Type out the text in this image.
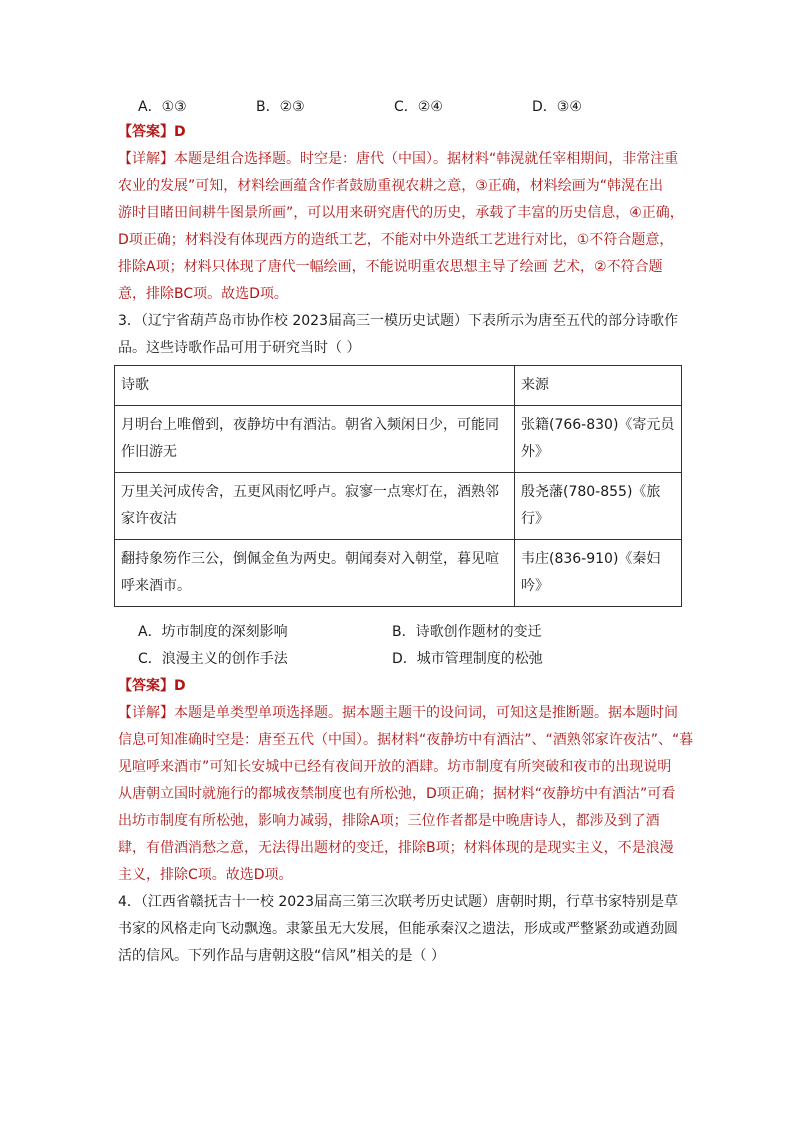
A．①③	B．②③	C．②④	D．③④
【答案】D
【详解】本题是组合选择题。时空是：唐代（中国）。据材料“韩滉就任宰相期间，非常注重
农业的发展”可知，材料绘画蕴含作者鼓励重视农耕之意，③正确，材料绘画为“韩滉在出
游时目睹田间耕牛图景所画”，可以用来研究唐代的历史，承载了丰富的历史信息，④正确，
D项正确；材料没有体现西方的造纸工艺，不能对中外造纸工艺进行对比，①不符合题意，
排除A项；材料只体现了唐代一幅绘画，不能说明重农思想主导了绘画 艺术，②不符合题
意，排除BC项。故选D项。
3．（辽宁省葫芦岛市协作校 2023届高三一模历史试题）下表所示为唐至五代的部分诗歌作
品。这些诗歌作品可用于研究当时（ ）
诗歌	来源
月明台上唯僧到，夜静坊中有酒沽。朝省入频闲日少，可能同作旧游无	张籍(766-830)《寄元员外》
万里关河成传舍，五更风雨忆呼卢。寂寥一点寒灯在，酒熟邻家许夜沽	殷尧藩(780-855)《旅行》
翻持象笏作三公，倒佩金鱼为两史。朝闻奏对入朝堂，暮见喧呼来酒市。	韦庄(836-910)《秦妇吟》
A．坊市制度的深刻影响	B．诗歌创作题材的变迁
C．浪漫主义的创作手法	D．城市管理制度的松弛
【答案】D
【详解】本题是单类型单项选择题。据本题主题干的设问词，可知这是推断题。据本题时间
信息可知准确时空是：唐至五代（中国）。据材料“夜静坊中有酒沽”、“酒熟邻家许夜沽”、“暮
见喧呼来酒市”可知长安城中已经有夜间开放的酒肆。坊市制度有所突破和夜市的出现说明
从唐朝立国时就施行的都城夜禁制度也有所松弛，D项正确；据材料“夜静坊中有酒沽”可看
出坊市制度有所松弛，影响力减弱，排除A项；三位作者都是中晚唐诗人，都涉及到了酒
肆，有借酒消愁之意，无法得出题材的变迁，排除B项；材料体现的是现实主义，不是浪漫
主义，排除C项。故选D项。
4．（江西省赣抚吉十一校 2023届高三第三次联考历史试题）唐朝时期，行草书家特别是草
书家的风格走向飞动飘逸。隶篆虽无大发展，但能承秦汉之遗法，形成或严整紧劲或遒劲圆
活的信风。下列作品与唐朝这股“信风”相关的是（ ）
